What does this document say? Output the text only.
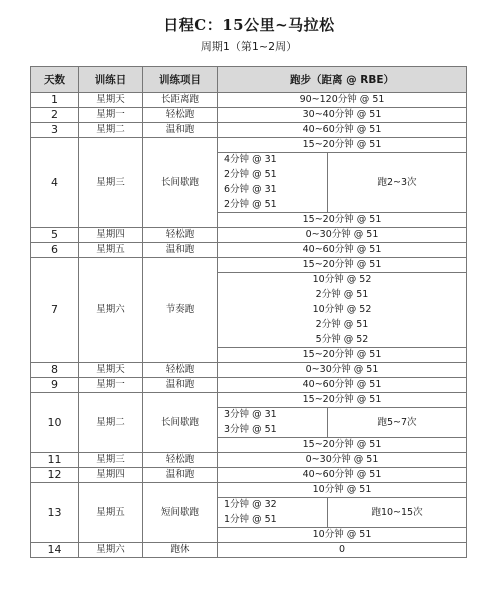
日程C：15公里~马拉松
周期1（第1~2周）
天数	训练日	训练项目	跑步（距离 @ RBE）	
1	星期天	长距离跑	90~120分钟 @ 51	
2	星期一	轻松跑	30~40分钟 @ 51	
3	星期二	温和跑	40~60分钟 @ 51	
4	星期三	长间歇跑	15~20分钟 @ 51	
			4分钟 @ 31	跑2~3次
			2分钟 @ 51	
			6分钟 @ 31	
			2分钟 @ 51	
			15~20分钟 @ 51	
5	星期四	轻松跑	0~30分钟 @ 51	
6	星期五	温和跑	40~60分钟 @ 51	
7	星期六	节奏跑	15~20分钟 @ 51	
			10分钟 @ 52	
			2分钟 @ 51	
			10分钟 @ 52	
			2分钟 @ 51	
			5分钟 @ 52	
			15~20分钟 @ 51	
8	星期天	轻松跑	0~30分钟 @ 51	
9	星期一	温和跑	40~60分钟 @ 51	
10	星期二	长间歇跑	15~20分钟 @ 51	
			3分钟 @ 31	跑5~7次
			3分钟 @ 51	
			15~20分钟 @ 51	
11	星期三	轻松跑	0~30分钟 @ 51	
12	星期四	温和跑	40~60分钟 @ 51	
13	星期五	短间歇跑	10分钟 @ 51	
			1分钟 @ 32	跑10~15次
			1分钟 @ 51	
			10分钟 @ 51	
14	星期六	跑休	0	
